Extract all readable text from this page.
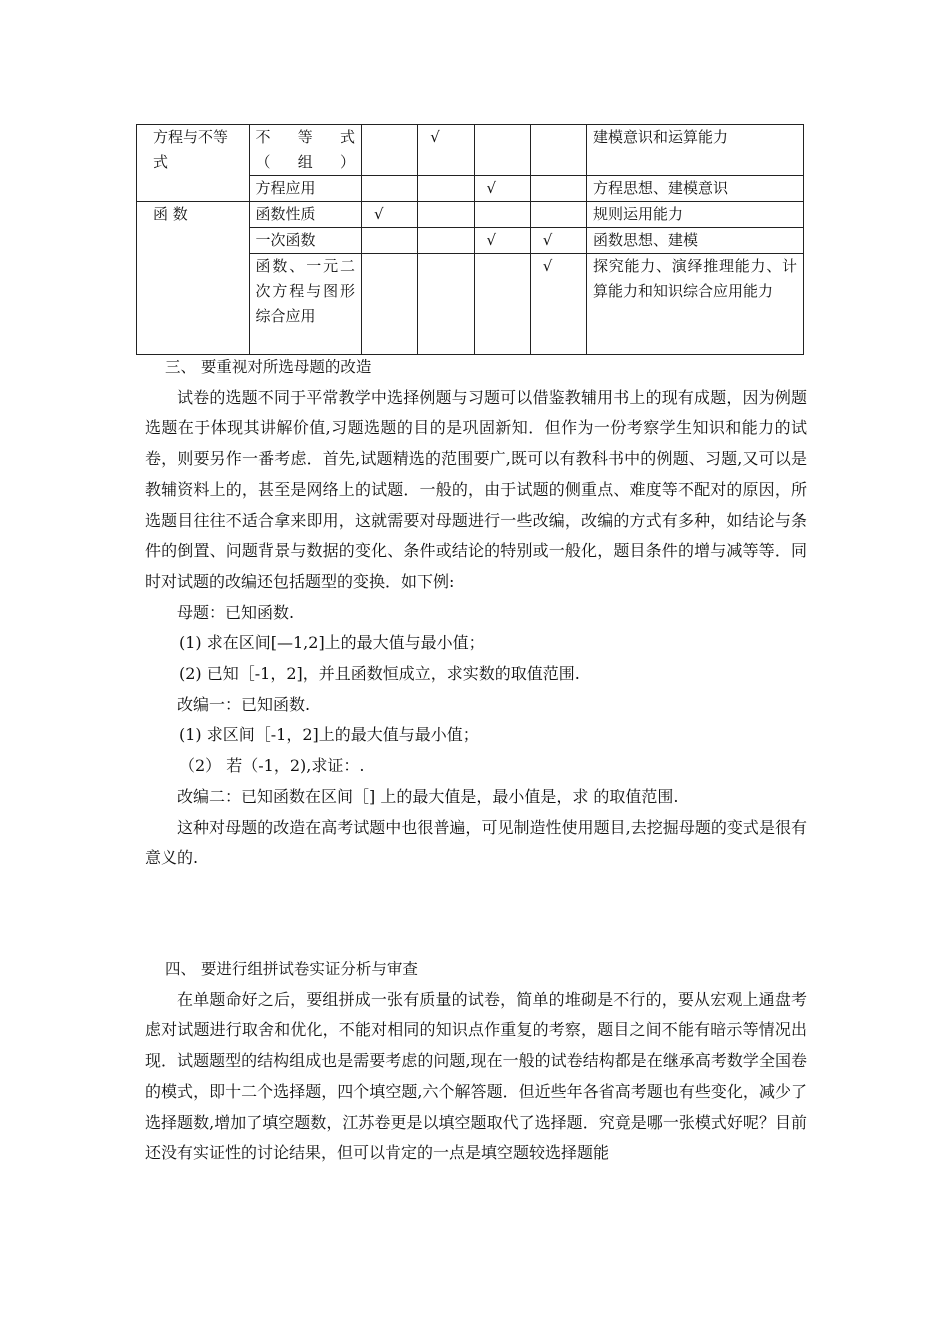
方程与不等式	不　等　式（组）		√			建模意识和运算能力
	方程应用			√		方程思想、建模意识
函 数	函数性质	√				规则运用能力
	一次函数			√	√	函数思想、建模
	函数、一元二次方程与图形综合应用				√	探究能力、演绎推理能力、计算能力和知识综合应用能力

三、 要重视对所选母题的改造

试卷的选题不同于平常教学中选择例题与习题可以借鉴教辅用书上的现有成题，因为例题选题在于体现其讲解价值,习题选题的目的是巩固新知．但作为一份考察学生知识和能力的试卷，则要另作一番考虑．首先,试题精选的范围要广,既可以有教科书中的例题、习题,又可以是教辅资料上的，甚至是网络上的试题．一般的，由于试题的侧重点、难度等不配对的原因，所选题目往往不适合拿来即用，这就需要对母题进行一些改编，改编的方式有多种，如结论与条件的倒置、问题背景与数据的变化、条件或结论的特别或一般化，题目条件的增与减等等．同时对试题的改编还包括题型的变换．如下例:

母题：已知函数.

(1) 求在区间[—1,2]上的最大值与最小值；

(2) 已知［-1，2]，并且函数恒成立，求实数的取值范围.

改编一：已知函数.

(1) 求区间［-1，2]上的最大值与最小值；

（2） 若（-1，2),求证：.

改编二：已知函数在区间［] 上的最大值是，最小值是，求 的取值范围.

这种对母题的改造在高考试题中也很普遍，可见制造性使用题目,去挖掘母题的变式是很有意义的.

四、 要进行组拼试卷实证分析与审查

在单题命好之后，要组拼成一张有质量的试卷，简单的堆砌是不行的，要从宏观上通盘考虑对试题进行取舍和优化，不能对相同的知识点作重复的考察，题目之间不能有暗示等情况出现．试题题型的结构组成也是需要考虑的问题,现在一般的试卷结构都是在继承高考数学全国卷的模式，即十二个选择题，四个填空题,六个解答题．但近些年各省高考题也有些变化，减少了选择题数,增加了填空题数，江苏卷更是以填空题取代了选择题．究竟是哪一张模式好呢？目前还没有实证性的讨论结果，但可以肯定的一点是填空题较选择题能
